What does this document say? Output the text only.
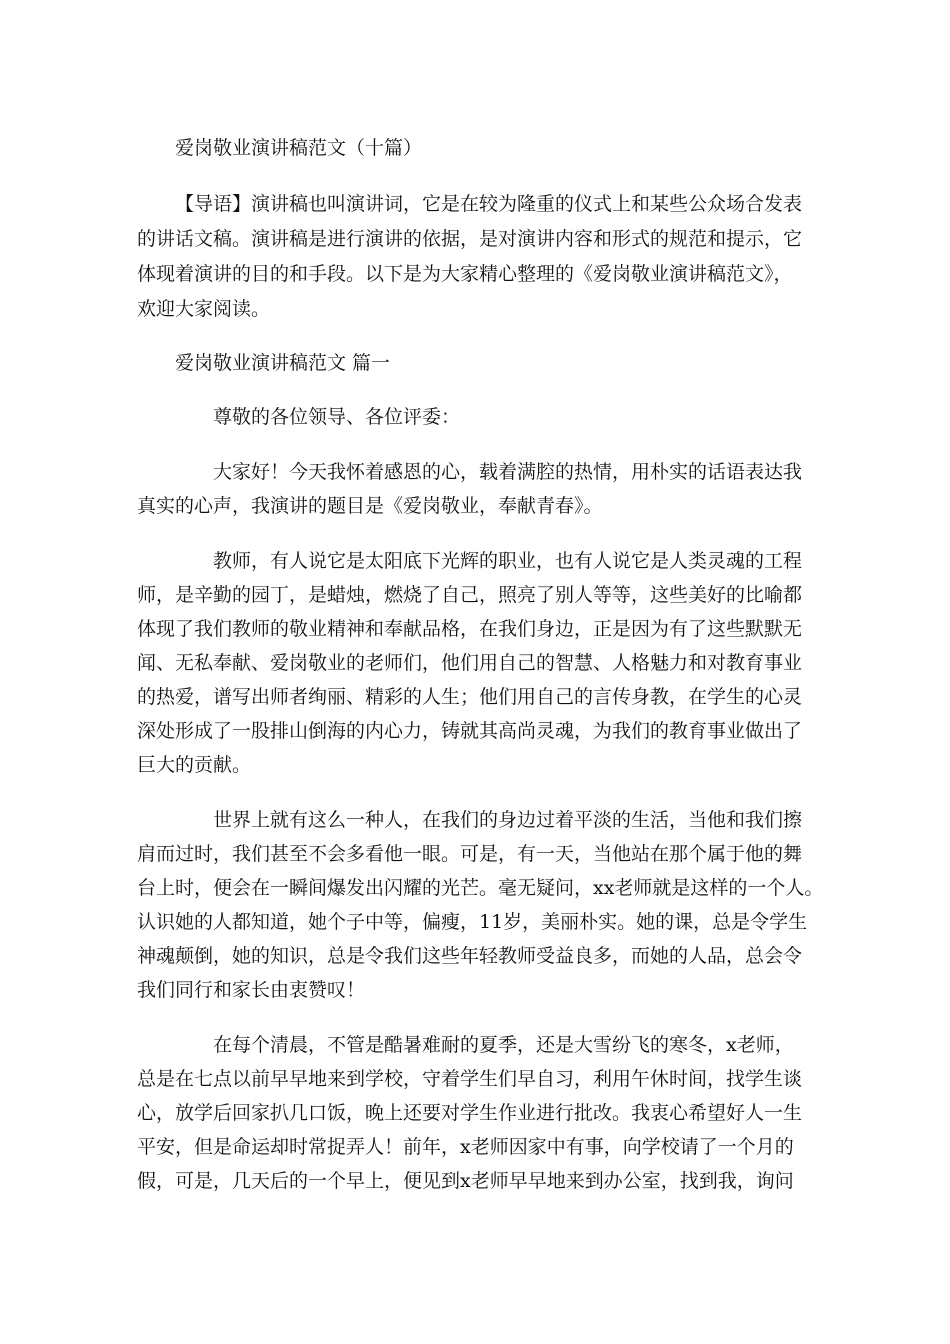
爱岗敬业演讲稿范文（十篇）
【导语】演讲稿也叫演讲词，它是在较为隆重的仪式上和某些公众场合发表
的讲话文稿。演讲稿是进行演讲的依据，是对演讲内容和形式的规范和提示，它
体现着演讲的目的和手段。以下是为大家精心整理的《爱岗敬业演讲稿范文》，
欢迎大家阅读。
爱岗敬业演讲稿范文 篇一
尊敬的各位领导、各位评委：
大家好！今天我怀着感恩的心，载着满腔的热情，用朴实的话语表达我
真实的心声，我演讲的题目是《爱岗敬业，奉献青春》。
教师，有人说它是太阳底下光辉的职业，也有人说它是人类灵魂的工程
师，是辛勤的园丁，是蜡烛，燃烧了自己，照亮了别人等等，这些美好的比喻都
体现了我们教师的敬业精神和奉献品格，在我们身边，正是因为有了这些默默无
闻、无私奉献、爱岗敬业的老师们，他们用自己的智慧、人格魅力和对教育事业
的热爱，谱写出师者绚丽、精彩的人生；他们用自己的言传身教，在学生的心灵
深处形成了一股排山倒海的内心力，铸就其高尚灵魂，为我们的教育事业做出了
巨大的贡献。
世界上就有这么一种人，在我们的身边过着平淡的生活，当他和我们擦
肩而过时，我们甚至不会多看他一眼。可是，有一天，当他站在那个属于他的舞
台上时，便会在一瞬间爆发出闪耀的光芒。毫无疑问，xx老师就是这样的一个人。
认识她的人都知道，她个子中等，偏瘦，11岁，美丽朴实。她的课，总是令学生
神魂颠倒，她的知识，总是令我们这些年轻教师受益良多，而她的人品，总会令
我们同行和家长由衷赞叹！
在每个清晨，不管是酷暑难耐的夏季，还是大雪纷飞的寒冬，x老师，
总是在七点以前早早地来到学校，守着学生们早自习，利用午休时间，找学生谈
心，放学后回家扒几口饭，晚上还要对学生作业进行批改。我衷心希望好人一生
平安，但是命运却时常捉弄人！前年，x老师因家中有事，向学校请了一个月的
假，可是，几天后的一个早上，便见到x老师早早地来到办公室，找到我，询问
